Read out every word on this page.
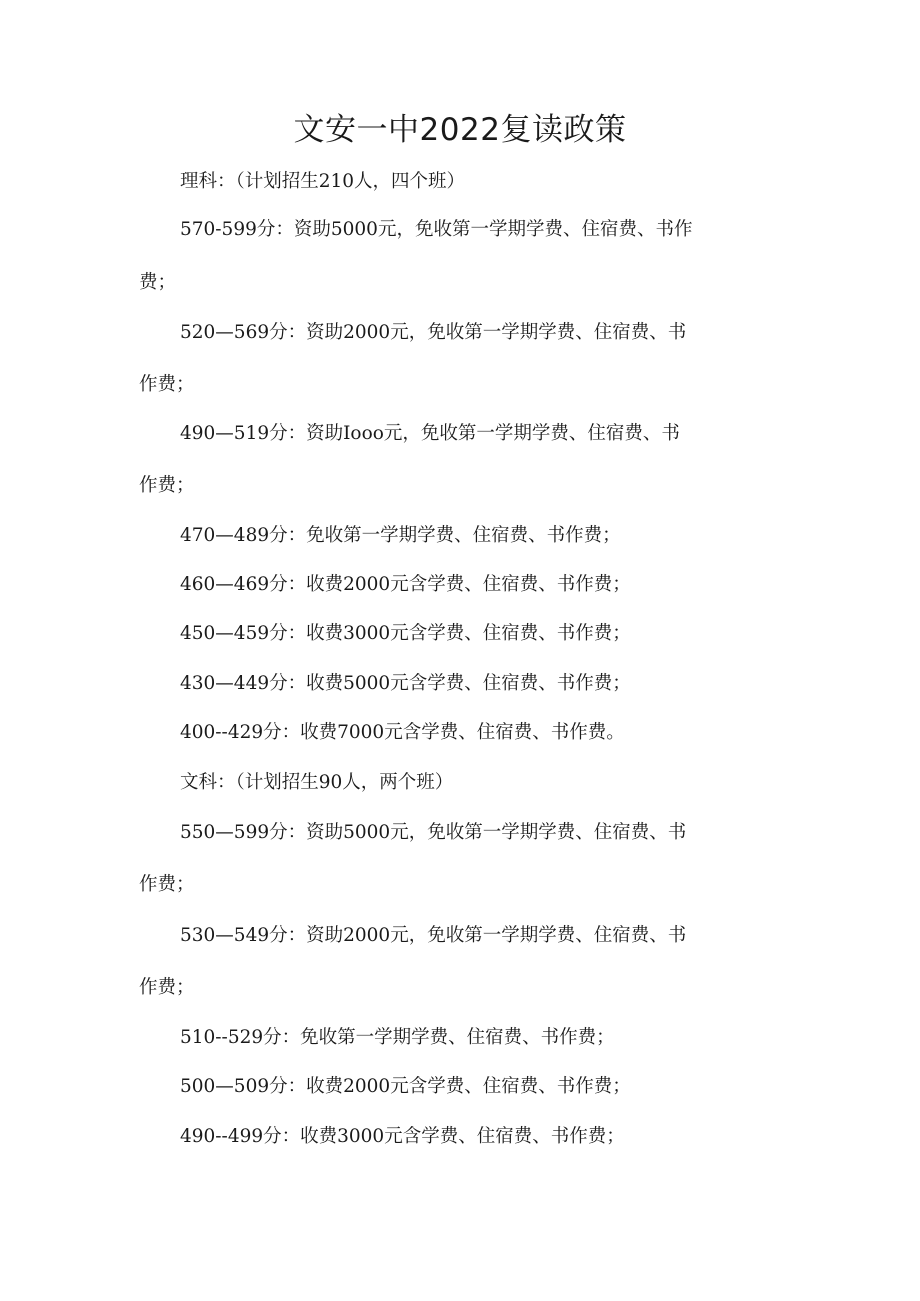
文安一中2022复读政策

理科：（计划招生210人，四个班）

570-599分：资助5000元，免收第一学期学费、住宿费、书作

费；

520—569分：资助2000元，免收第一学期学费、住宿费、书

作费；

490—519分：资助Iooo元，免收第一学期学费、住宿费、书

作费；

470—489分：免收第一学期学费、住宿费、书作费；

460—469分：收费2000元含学费、住宿费、书作费；

450—459分：收费3000元含学费、住宿费、书作费；

430—449分：收费5000元含学费、住宿费、书作费；

400--429分：收费7000元含学费、住宿费、书作费。

文科：（计划招生90人，两个班）

550—599分：资助5000元，免收第一学期学费、住宿费、书

作费；

530—549分：资助2000元，免收第一学期学费、住宿费、书

作费；

510--529分：免收第一学期学费、住宿费、书作费；

500—509分：收费2000元含学费、住宿费、书作费；

490--499分：收费3000元含学费、住宿费、书作费；
